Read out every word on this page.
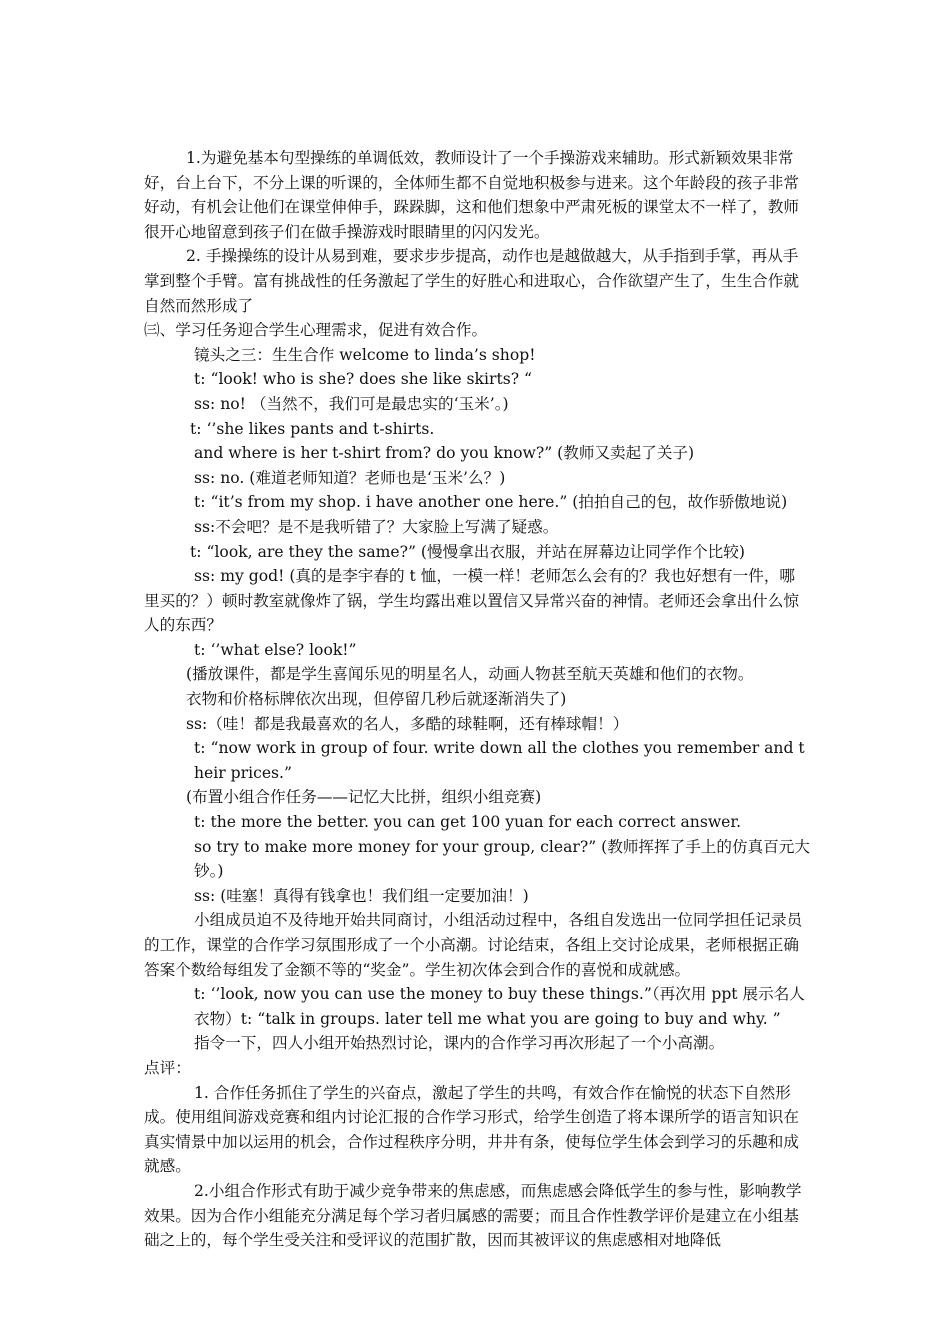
1.为避免基本句型操练的单调低效，教师设计了一个手操游戏来辅助。形式新颖效果非常好，台上台下，不分上课的听课的，全体师生都不自觉地积极参与进来。这个年龄段的孩子非常好动，有机会让他们在课堂伸伸手，跺跺脚，这和他们想象中严肃死板的课堂太不一样了，教师很开心地留意到孩子们在做手操游戏时眼睛里的闪闪发光。

2. 手操操练的设计从易到难，要求步步提高，动作也是越做越大，从手指到手掌，再从手掌到整个手臂。富有挑战性的任务激起了学生的好胜心和进取心，合作欲望产生了，生生合作就自然而然形成了

㈢、学习任务迎合学生心理需求，促进有效合作。

镜头之三：生生合作 welcome to linda’s shop!

t: “look! who is she? does she like skirts? “

ss: no! （当然不，我们可是最忠实的‘玉米’。)

t: ‘’she likes pants and t-shirts.

and where is her t-shirt from? do you know?” (教师又卖起了关子)

ss: no. (难道老师知道？老师也是‘玉米’么？)

t: “it’s from my shop. i have another one here.” (拍拍自己的包，故作骄傲地说)

ss:不会吧？是不是我听错了？大家脸上写满了疑惑。

t: “look, are they the same?” (慢慢拿出衣服，并站在屏幕边让同学作个比较)

ss: my god! (真的是李宇春的 t 恤，一模一样！老师怎么会有的？我也好想有一件，哪里买的？）顿时教室就像炸了锅，学生均露出难以置信又异常兴奋的神情。老师还会拿出什么惊人的东西？

t: ‘’what else? look!”

(播放课件，都是学生喜闻乐见的明星名人，动画人物甚至航天英雄和他们的衣物。

衣物和价格标牌依次出现，但停留几秒后就逐渐消失了)

ss:（哇！都是我最喜欢的名人，多酷的球鞋啊，还有棒球帽！）

t: “now work in group of four. write down all the clothes you remember and their prices.”

(布置小组合作任务——记忆大比拼，组织小组竞赛)

t: the more the better. you can get 100 yuan for each correct answer.

so try to make more money for your group, clear?” (教师挥挥了手上的仿真百元大钞。)

ss: (哇塞！真得有钱拿也！我们组一定要加油！)

小组成员迫不及待地开始共同商讨，小组活动过程中，各组自发选出一位同学担任记录员的工作，课堂的合作学习氛围形成了一个小高潮。讨论结束，各组上交讨论成果，老师根据正确答案个数给每组发了金额不等的“奖金”。学生初次体会到合作的喜悦和成就感。

t: ‘’look, now you can use the money to buy these things.”（再次用 ppt 展示名人衣物）t: “talk in groups. later tell me what you are going to buy and why. ”

指令一下，四人小组开始热烈讨论，课内的合作学习再次形起了一个小高潮。

点评：

1. 合作任务抓住了学生的兴奋点，激起了学生的共鸣，有效合作在愉悦的状态下自然形成。使用组间游戏竞赛和组内讨论汇报的合作学习形式，给学生创造了将本课所学的语言知识在真实情景中加以运用的机会，合作过程秩序分明，井井有条，使每位学生体会到学习的乐趣和成就感。

2.小组合作形式有助于减少竞争带来的焦虑感，而焦虑感会降低学生的参与性，影响教学效果。因为合作小组能充分满足每个学习者归属感的需要；而且合作性教学评价是建立在小组基础之上的，每个学生受关注和受评议的范围扩散，因而其被评议的焦虑感相对地降低
